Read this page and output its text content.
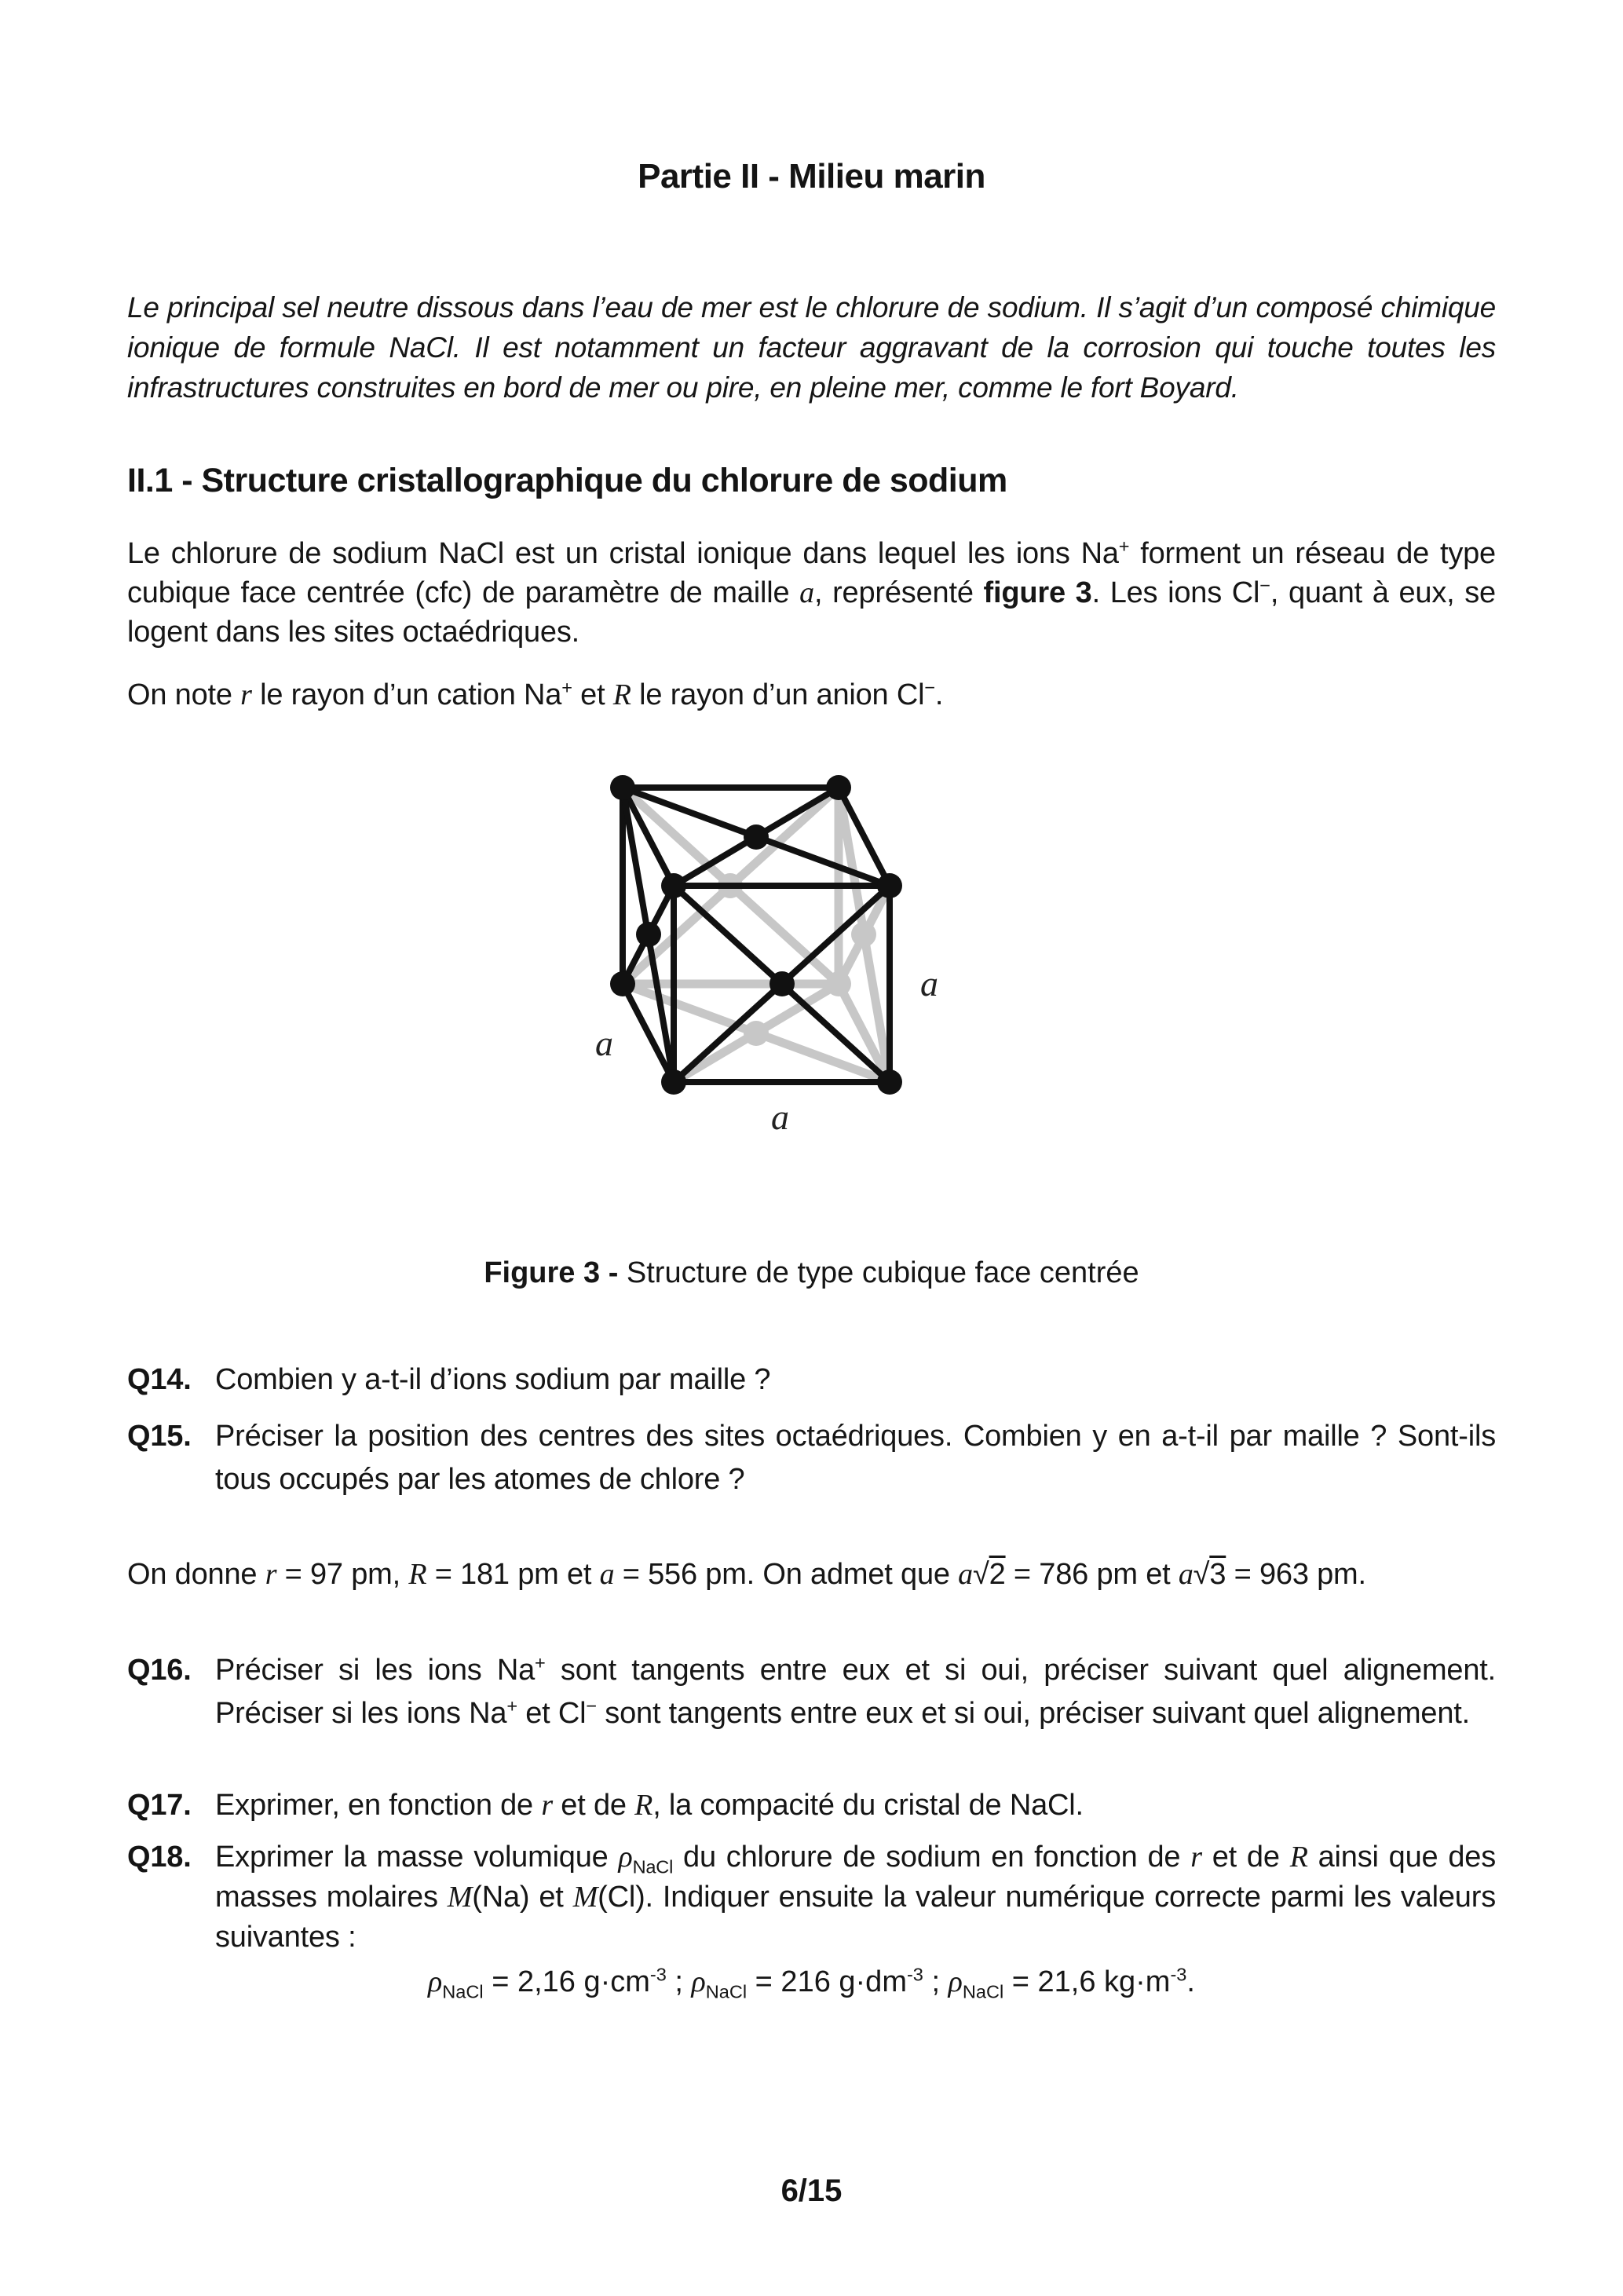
Partie II - Milieu marin
Le principal sel neutre dissous dans l’eau de mer est le chlorure de sodium. Il s’agit d’un composé chimique ionique de formule NaCl. Il est notamment un facteur aggravant de la corrosion qui touche toutes les infrastructures construites en bord de mer ou pire, en pleine mer, comme le fort Boyard.
II.1 - Structure cristallographique du chlorure de sodium
Le chlorure de sodium NaCl est un cristal ionique dans lequel les ions Na+ forment un réseau de type cubique face centrée (cfc) de paramètre de maille a, représenté figure 3. Les ions Cl−, quant à eux, se logent dans les sites octaédriques.
On note r le rayon d’un cation Na+ et R le rayon d’un anion Cl−.
a
a
a
Figure 3 - Structure de type cubique face centrée
Q14. Combien y a-t-il d’ions sodium par maille ?
Q15. Préciser la position des centres des sites octaédriques. Combien y en a-t-il par maille ? Sont-ils tous occupés par les atomes de chlore ?
On donne r = 97 pm, R = 181 pm et a = 556 pm. On admet que a√2 = 786 pm et a√3 = 963 pm.
Q16. Préciser si les ions Na+ sont tangents entre eux et si oui, préciser suivant quel alignement. Préciser si les ions Na+ et Cl− sont tangents entre eux et si oui, préciser suivant quel alignement.
Q17. Exprimer, en fonction de r et de R, la compacité du cristal de NaCl.
Q18. Exprimer la masse volumique $\rho_{NaCl}$ du chlorure de sodium en fonction de r et de R ainsi que des masses molaires M(Na) et M(Cl). Indiquer ensuite la valeur numérique correcte parmi les valeurs suivantes :
$\rho_{NaCl} = 2,16$ $g\cdot cm^{-3}$ ; $\rho_{NaCl} = 216$ $g\cdot dm^{-3}$ ; $\rho_{NaCl} = 21,6$ $kg\cdot m^{-3}$.
6/15
